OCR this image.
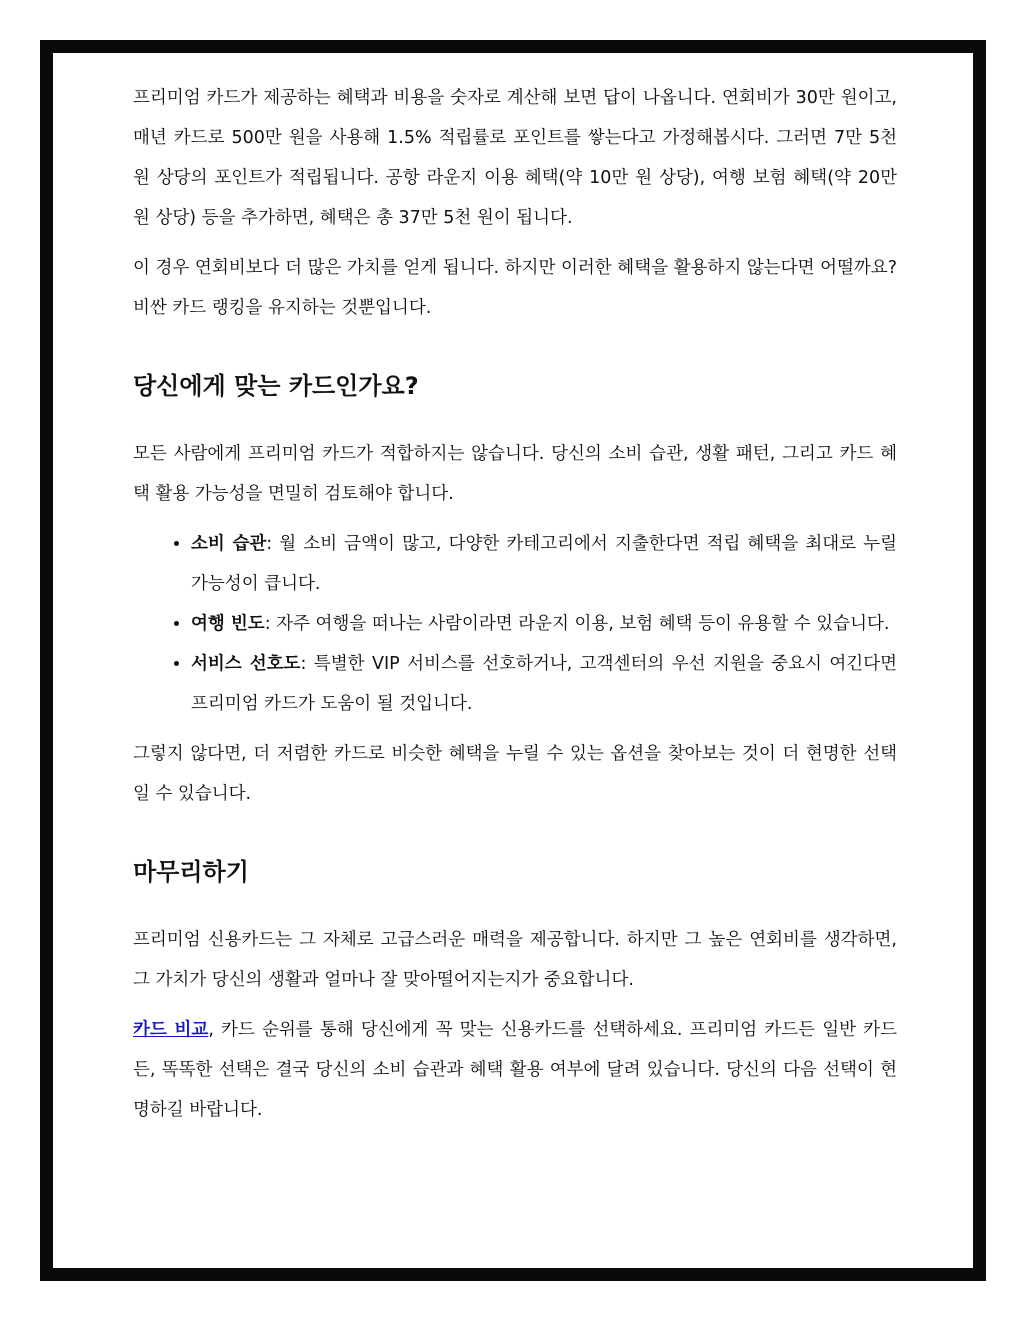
프리미엄 카드가 제공하는 혜택과 비용을 숫자로 계산해 보면 답이 나옵니다. 연회비가 30만 원이고, 매년 카드로 500만 원을 사용해 1.5% 적립률로 포인트를 쌓는다고 가정해봅시다. 그러면 7만 5천 원 상당의 포인트가 적립됩니다. 공항 라운지 이용 혜택(약 10만 원 상당), 여행 보험 혜택(약 20만 원 상당) 등을 추가하면, 혜택은 총 37만 5천 원이 됩니다.

이 경우 연회비보다 더 많은 가치를 얻게 됩니다. 하지만 이러한 혜택을 활용하지 않는다면 어떨까요? 비싼 카드 랭킹을 유지하는 것뿐입니다.

당신에게 맞는 카드인가요?

모든 사람에게 프리미엄 카드가 적합하지는 않습니다. 당신의 소비 습관, 생활 패턴, 그리고 카드 혜택 활용 가능성을 면밀히 검토해야 합니다.

• 소비 습관: 월 소비 금액이 많고, 다양한 카테고리에서 지출한다면 적립 혜택을 최대로 누릴 가능성이 큽니다.
• 여행 빈도: 자주 여행을 떠나는 사람이라면 라운지 이용, 보험 혜택 등이 유용할 수 있습니다.
• 서비스 선호도: 특별한 VIP 서비스를 선호하거나, 고객센터의 우선 지원을 중요시 여긴다면 프리미엄 카드가 도움이 될 것입니다.

그렇지 않다면, 더 저렴한 카드로 비슷한 혜택을 누릴 수 있는 옵션을 찾아보는 것이 더 현명한 선택일 수 있습니다.

마무리하기

프리미엄 신용카드는 그 자체로 고급스러운 매력을 제공합니다. 하지만 그 높은 연회비를 생각하면, 그 가치가 당신의 생활과 얼마나 잘 맞아떨어지는지가 중요합니다.

카드 비교, 카드 순위를 통해 당신에게 꼭 맞는 신용카드를 선택하세요. 프리미엄 카드든 일반 카드든, 똑똑한 선택은 결국 당신의 소비 습관과 혜택 활용 여부에 달려 있습니다. 당신의 다음 선택이 현명하길 바랍니다.
